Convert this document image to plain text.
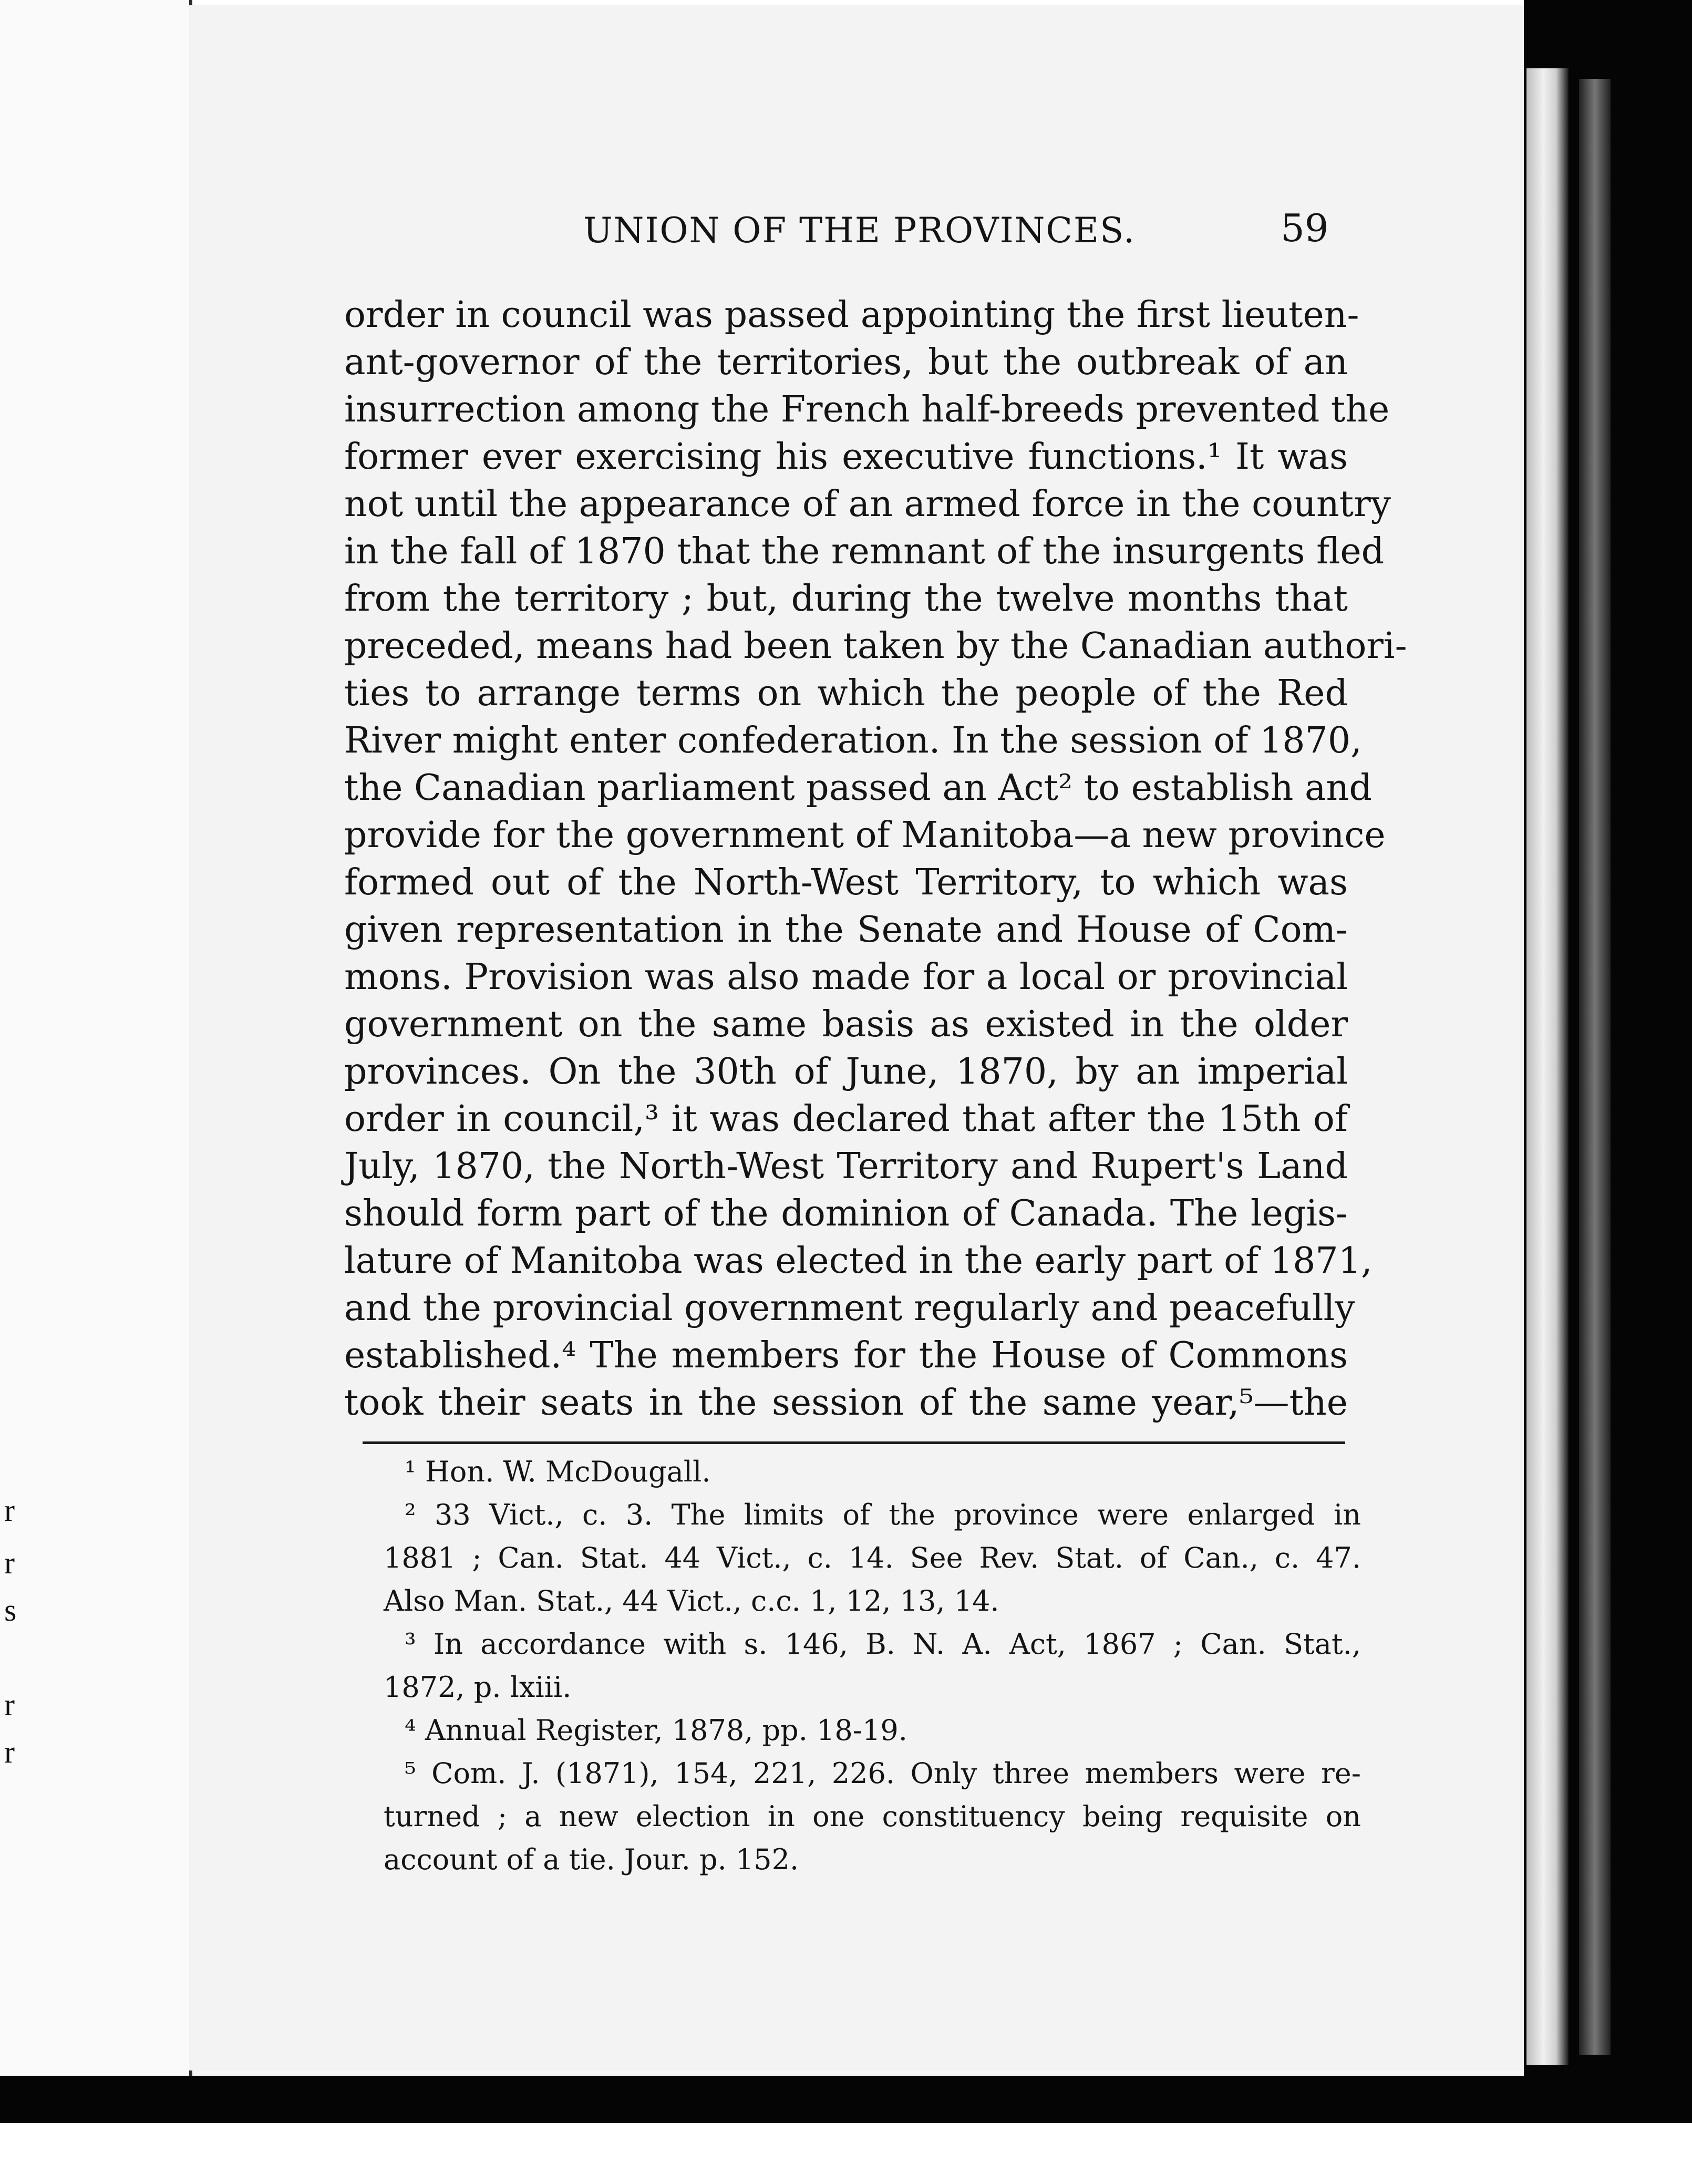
r
r
s
r
r
UNION OF THE PROVINCES.	59
order in council was passed appointing the first lieuten-
ant-governor of the territories, but the outbreak of an
insurrection among the French half-breeds prevented the
former ever exercising his executive functions.¹ It was
not until the appearance of an armed force in the country
in the fall of 1870 that the remnant of the insurgents fled
from the territory ; but, during the twelve months that
preceded, means had been taken by the Canadian authori-
ties to arrange terms on which the people of the Red
River might enter confederation. In the session of 1870,
the Canadian parliament passed an Act² to establish and
provide for the government of Manitoba—a new province
formed out of the North-West Territory, to which was
given representation in the Senate and House of Com-
mons. Provision was also made for a local or provincial
government on the same basis as existed in the older
provinces. On the 30th of June, 1870, by an imperial
order in council,³ it was declared that after the 15th of
July, 1870, the North-West Territory and Rupert's Land
should form part of the dominion of Canada. The legis-
lature of Manitoba was elected in the early part of 1871,
and the provincial government regularly and peacefully
established.⁴ The members for the House of Commons
took their seats in the session of the same year,⁵—the
¹ Hon. W. McDougall.
² 33 Vict., c. 3. The limits of the province were enlarged in
1881 ; Can. Stat. 44 Vict., c. 14. See Rev. Stat. of Can., c. 47.
Also Man. Stat., 44 Vict., c.c. 1, 12, 13, 14.
³ In accordance with s. 146, B. N. A. Act, 1867 ; Can. Stat.,
1872, p. lxiii.
⁴ Annual Register, 1878, pp. 18-19.
⁵ Com. J. (1871), 154, 221, 226. Only three members were re-
turned ; a new election in one constituency being requisite on
account of a tie. Jour. p. 152.
